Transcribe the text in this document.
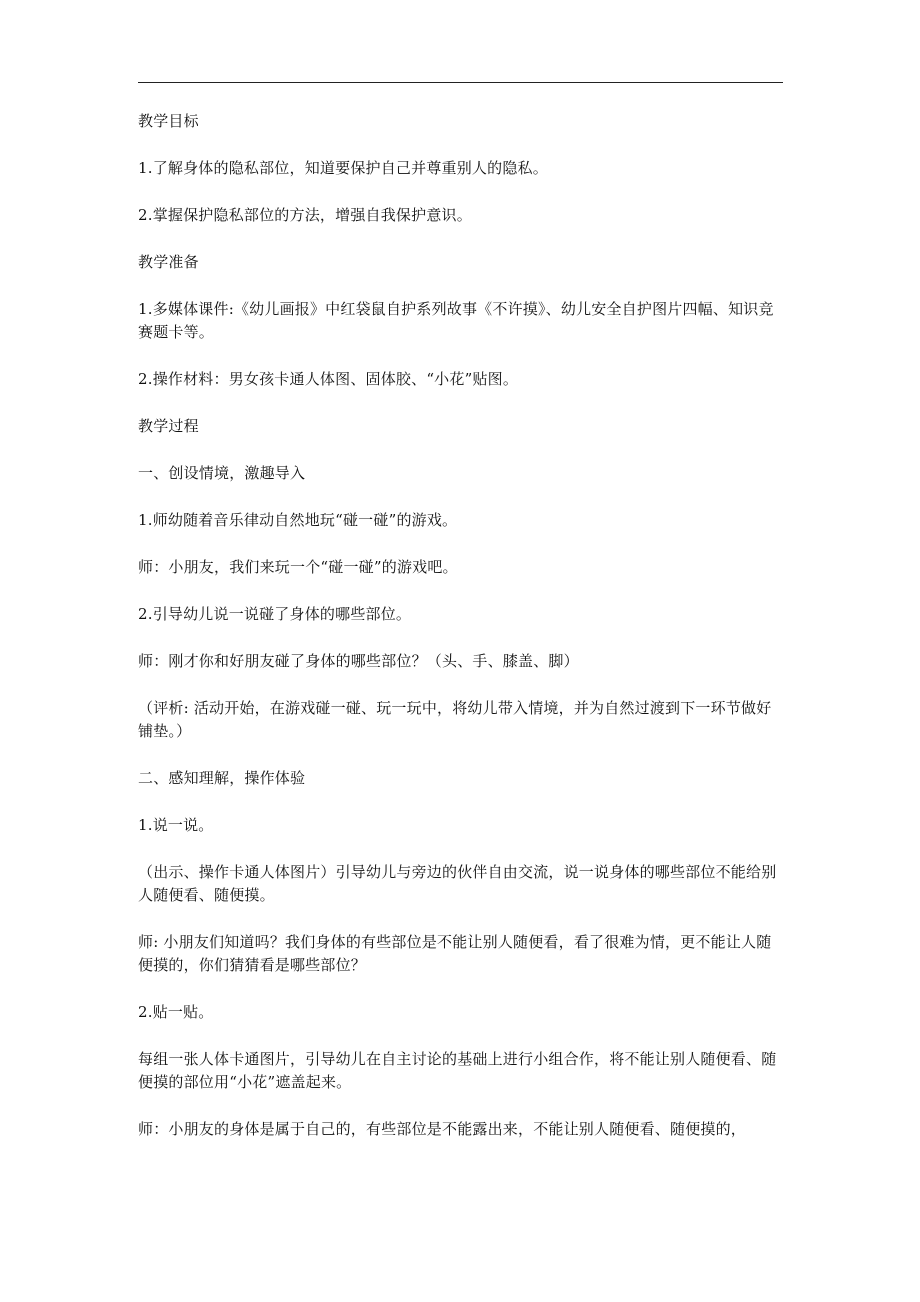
教学目标

1.了解身体的隐私部位，知道要保护自己并尊重别人的隐私。

2.掌握保护隐私部位的方法，增强自我保护意识。

教学准备

1.多媒体课件:《幼儿画报》中红袋鼠自护系列故事《不许摸》、幼儿安全自护图片四幅、知识竞赛题卡等。

2.操作材料：男女孩卡通人体图、固体胶、“小花”贴图。

教学过程

一、创设情境，激趣导入

1.师幼随着音乐律动自然地玩“碰一碰”的游戏。

师：小朋友，我们来玩一个“碰一碰”的游戏吧。

2.引导幼儿说一说碰了身体的哪些部位。

师：刚才你和好朋友碰了身体的哪些部位？（头、手、膝盖、脚）

（评析: 活动开始，在游戏碰一碰、玩一玩中，将幼儿带入情境，并为自然过渡到下一环节做好铺垫。）

二、感知理解，操作体验

1.说一说。

（出示、操作卡通人体图片）引导幼儿与旁边的伙伴自由交流，说一说身体的哪些部位不能给别人随便看、随便摸。

师: 小朋友们知道吗？我们身体的有些部位是不能让别人随便看，看了很难为情，更不能让人随便摸的，你们猜猜看是哪些部位？

2.贴一贴。

每组一张人体卡通图片，引导幼儿在自主讨论的基础上进行小组合作，将不能让别人随便看、随便摸的部位用“小花”遮盖起来。

师：小朋友的身体是属于自己的，有些部位是不能露出来，不能让别人随便看、随便摸的，
